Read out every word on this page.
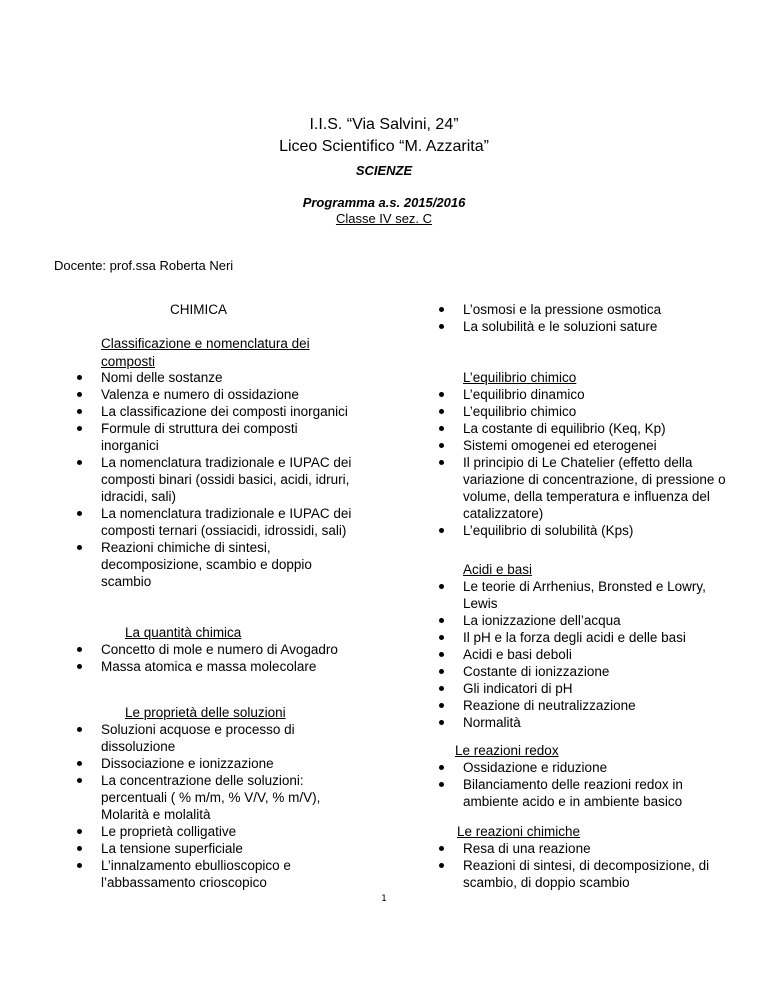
I.I.S. “Via Salvini, 24”
Liceo Scientifico “M. Azzarita”
SCIENZE
Programma a.s. 2015/2016
Classe IV sez. C
Docente: prof.ssa Roberta Neri
CHIMICA
Classificazione e nomenclatura dei composti
Nomi delle sostanze
Valenza e numero di ossidazione
La classificazione dei composti inorganici
Formule di struttura dei composti inorganici
La nomenclatura tradizionale e IUPAC dei composti binari (ossidi basici, acidi, idruri, idracidi, sali)
La nomenclatura tradizionale e IUPAC dei composti ternari (ossiacidi, idrossidi, sali)
Reazioni chimiche di sintesi, decomposizione, scambio e doppio scambio
La quantità chimica
Concetto di mole e numero di Avogadro
Massa atomica e massa molecolare
Le proprietà delle soluzioni
Soluzioni acquose e processo di dissoluzione
Dissociazione e ionizzazione
La concentrazione delle soluzioni: percentuali ( % m/m, % V/V, % m/V), Molarità e molalità
Le proprietà colligative
La tensione superficiale
L’innalzamento ebullioscopico e l’abbassamento crioscopico
L’osmosi e la pressione osmotica
La solubilità e le soluzioni sature
L’equilibrio chimico
L’equilibrio dinamico
L’equilibrio chimico
La costante di equilibrio (Keq, Kp)
Sistemi omogenei ed eterogenei
Il principio di Le Chatelier (effetto della variazione di concentrazione, di pressione o volume, della temperatura e influenza del catalizzatore)
L’equilibrio di solubilità (Kps)
Acidi e basi
Le teorie di Arrhenius, Bronsted e Lowry, Lewis
La ionizzazione dell’acqua
Il pH e la forza degli acidi e delle basi
Acidi e basi deboli
Costante di ionizzazione
Gli indicatori di pH
Reazione di neutralizzazione
Normalità
Le reazioni redox
Ossidazione e riduzione
Bilanciamento delle reazioni redox in ambiente acido e in ambiente basico
Le reazioni chimiche
Resa di una reazione
Reazioni di sintesi, di decomposizione, di scambio, di doppio scambio
1
